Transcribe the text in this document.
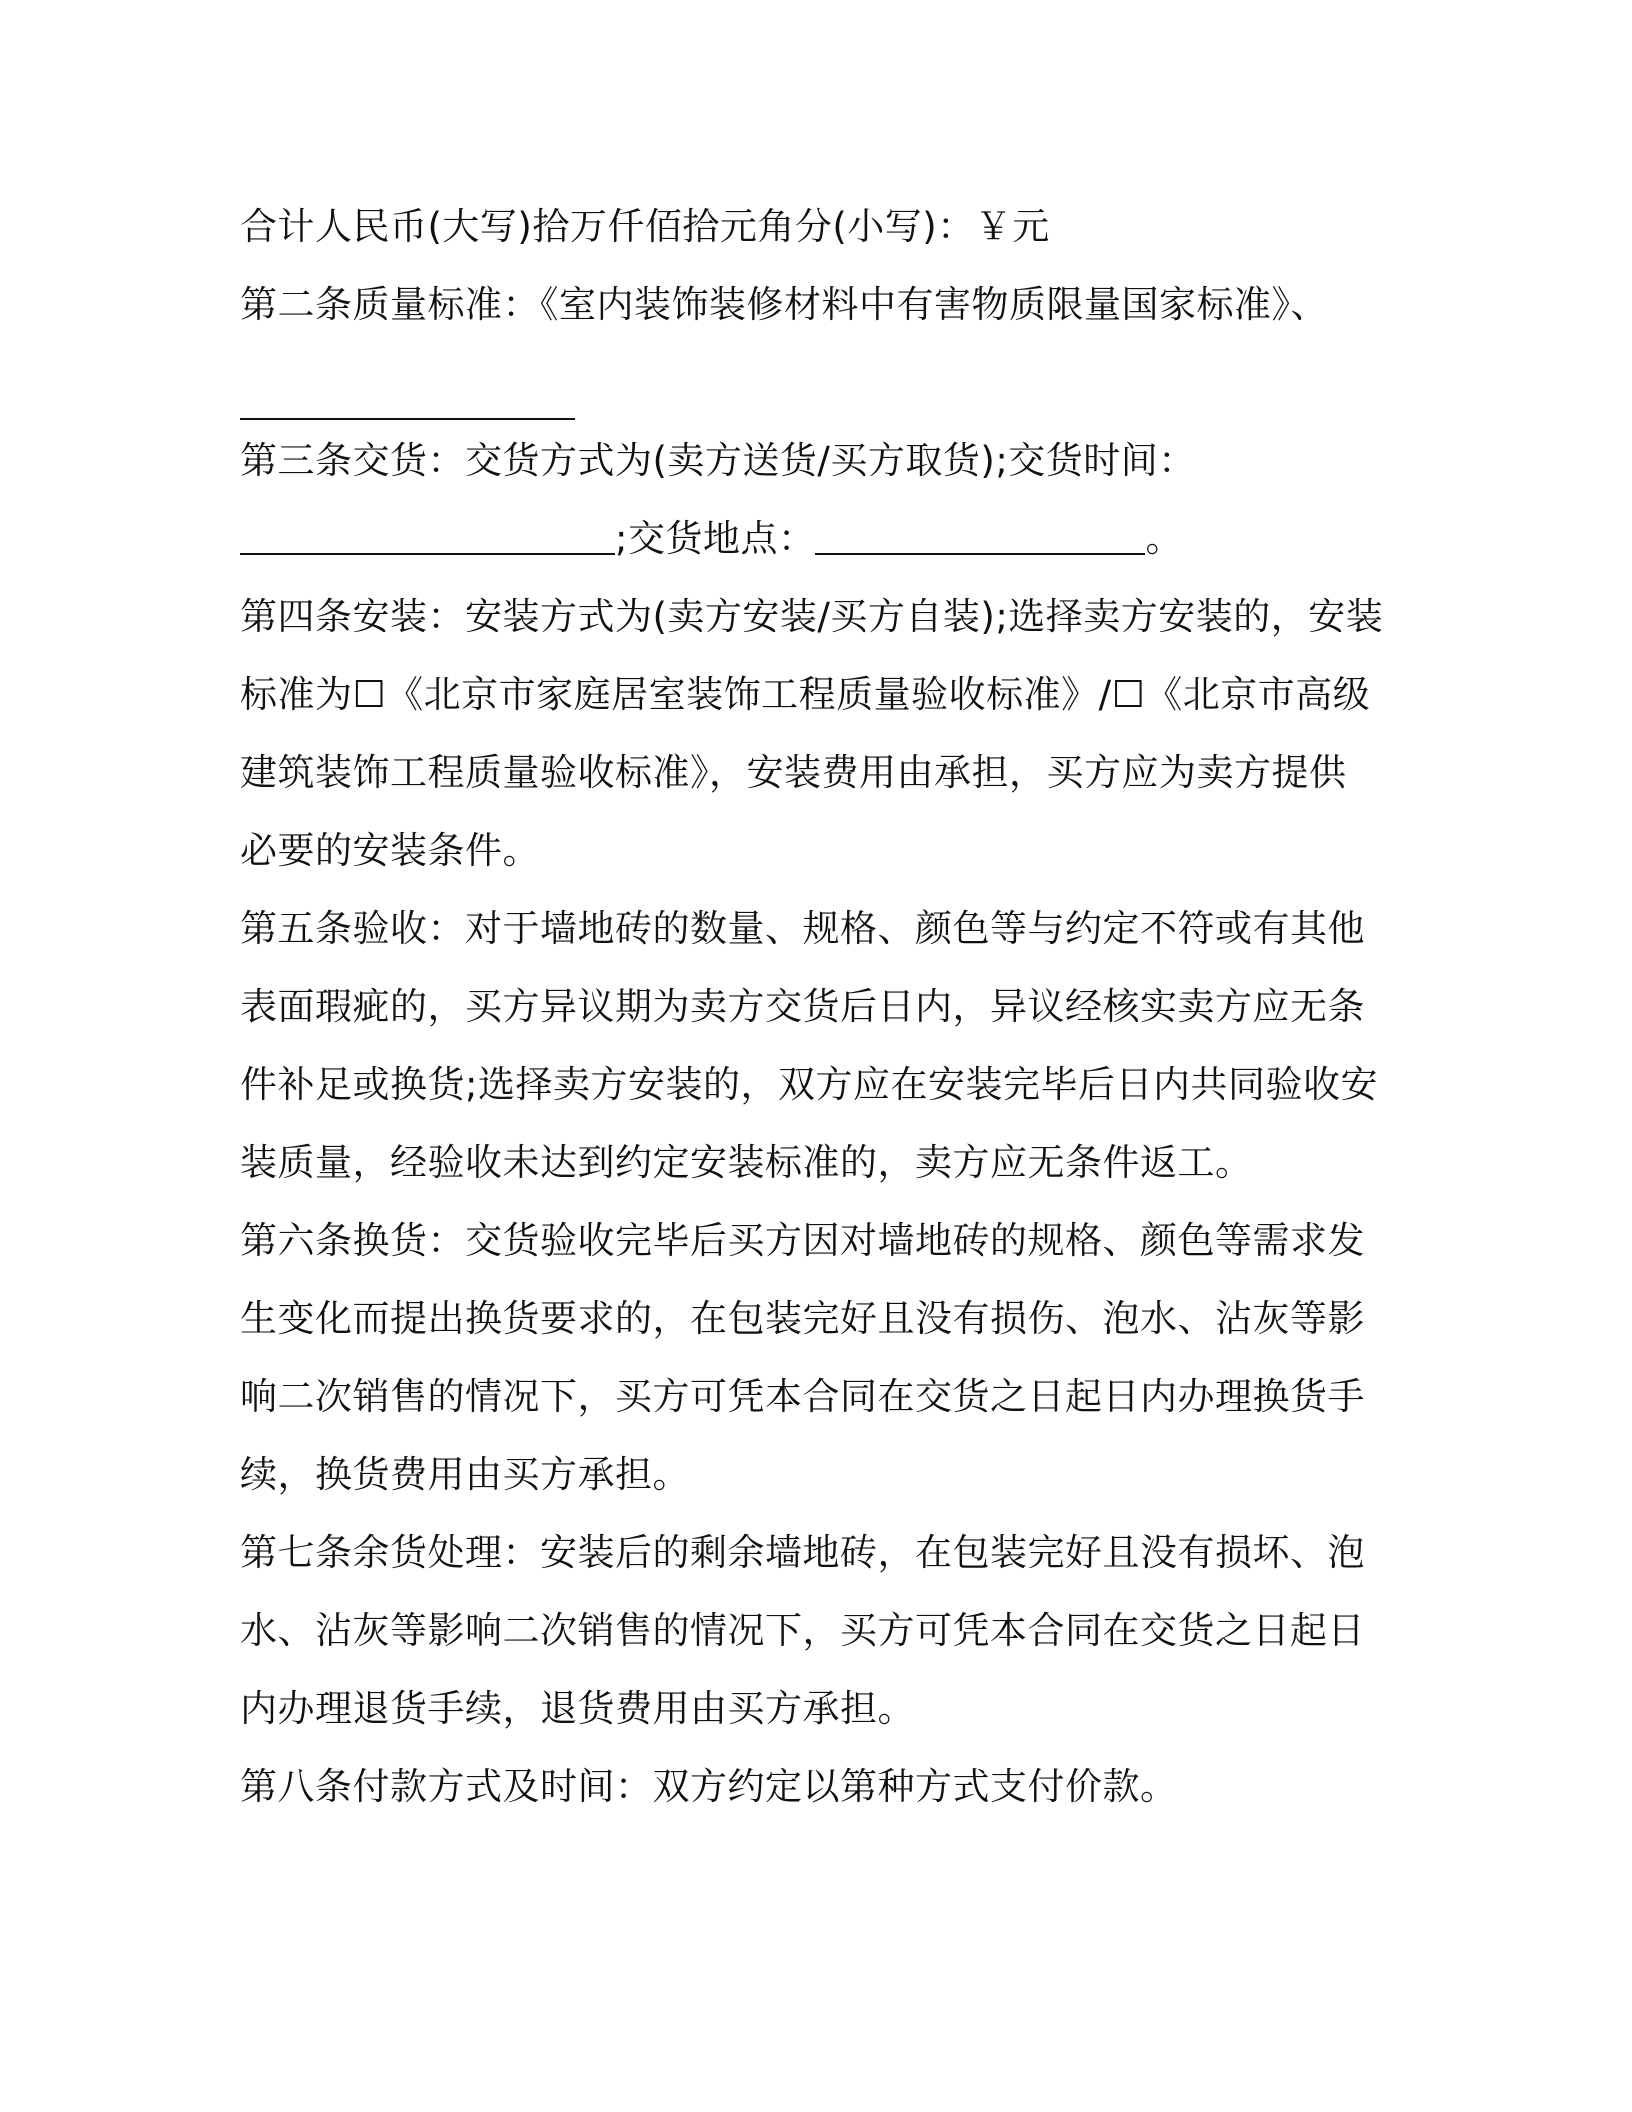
合计人民币(大写)拾万仟佰拾元角分(小写)：￥元
第二条质量标准：《室内装饰装修材料中有害物质限量国家标准》、
第三条交货：交货方式为(卖方送货/买方取货);交货时间：
;交货地点：	。
第四条安装：安装方式为(卖方安装/买方自装);选择卖方安装的，安装
标准为☐《北京市家庭居室装饰工程质量验收标准》/☐《北京市高级
建筑装饰工程质量验收标准》，安装费用由承担，买方应为卖方提供
必要的安装条件。
第五条验收：对于墙地砖的数量、规格、颜色等与约定不符或有其他
表面瑕疵的，买方异议期为卖方交货后日内，异议经核实卖方应无条
件补足或换货;选择卖方安装的，双方应在安装完毕后日内共同验收安
装质量，经验收未达到约定安装标准的，卖方应无条件返工。
第六条换货：交货验收完毕后买方因对墙地砖的规格、颜色等需求发
生变化而提出换货要求的，在包装完好且没有损伤、泡水、沾灰等影
响二次销售的情况下，买方可凭本合同在交货之日起日内办理换货手
续，换货费用由买方承担。
第七条余货处理：安装后的剩余墙地砖，在包装完好且没有损坏、泡
水、沾灰等影响二次销售的情况下，买方可凭本合同在交货之日起日
内办理退货手续，退货费用由买方承担。
第八条付款方式及时间：双方约定以第种方式支付价款。
